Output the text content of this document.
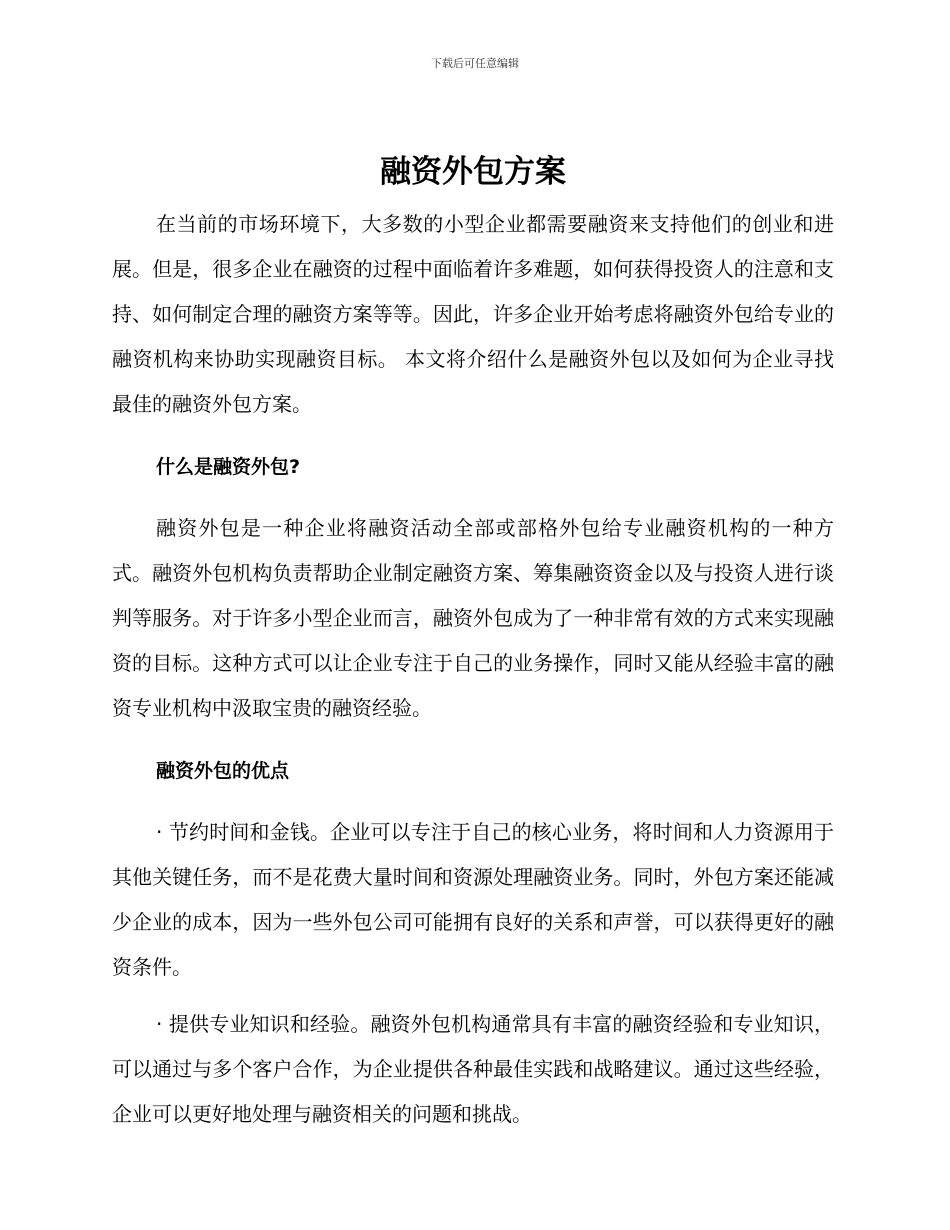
下载后可任意编辑
融资外包方案

在当前的市场环境下，大多数的小型企业都需要融资来支持他们的创业和进展。但是，很多企业在融资的过程中面临着许多难题，如何获得投资人的注意和支持、如何制定合理的融资方案等等。因此，许多企业开始考虑将融资外包给专业的融资机构来协助实现融资目标。 本文将介绍什么是融资外包以及如何为企业寻找最佳的融资外包方案。

什么是融资外包?

融资外包是一种企业将融资活动全部或部格外包给专业融资机构的一种方式。融资外包机构负责帮助企业制定融资方案、筹集融资资金以及与投资人进行谈判等服务。对于许多小型企业而言，融资外包成为了一种非常有效的方式来实现融资的目标。这种方式可以让企业专注于自己的业务操作，同时又能从经验丰富的融资专业机构中汲取宝贵的融资经验。

融资外包的优点

· 节约时间和金钱。企业可以专注于自己的核心业务，将时间和人力资源用于其他关键任务，而不是花费大量时间和资源处理融资业务。同时，外包方案还能减少企业的成本，因为一些外包公司可能拥有良好的关系和声誉，可以获得更好的融资条件。

· 提供专业知识和经验。融资外包机构通常具有丰富的融资经验和专业知识，可以通过与多个客户合作，为企业提供各种最佳实践和战略建议。通过这些经验，企业可以更好地处理与融资相关的问题和挑战。
